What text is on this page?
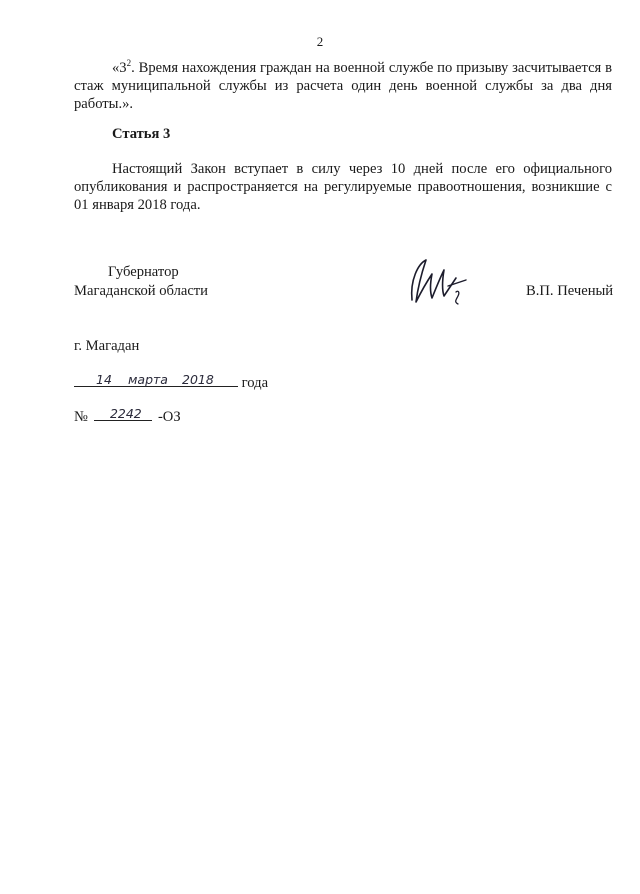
2
«$3^2$. Время нахождения граждан на военной службе по призыву засчитывается в стаж муниципальной службы из расчета один день военной службы за два дня работы.».
Статья 3
Настоящий Закон вступает в силу через 10 дней после его официального опубликования и распространяется на регулируемые правоотношения, возникшие с 01 января 2018 года.
Губернатор
Магаданской области	В.П. Печеный
г. Магадан
14 марта 2018 года
№ 2242 -ОЗ
